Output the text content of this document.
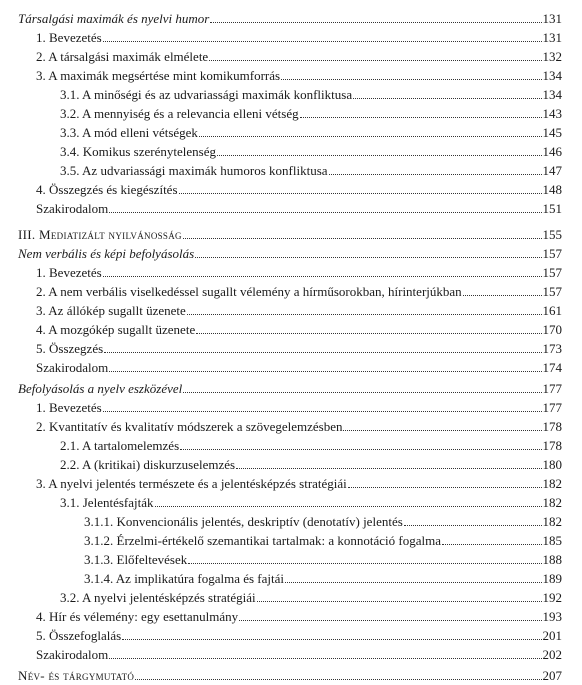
Társalgási maximák és nyelvi humor	131
1. Bevezetés	131
2. A társalgási maximák elmélete	132
3. A maximák megsértése mint komikumforrás	134
3.1. A minőségi és az udvariassági maximák konfliktusa	134
3.2. A mennyiség és a relevancia elleni vétség	143
3.3. A mód elleni vétségek	145
3.4. Komikus szerénytelenség	146
3.5. Az udvariassági maximák humoros konfliktusa	147
4. Összegzés és kiegészítés	148
Szakirodalom	151
III. Mediatizált nyilvánosság	155
Nem verbális és képi befolyásolás	157
1. Bevezetés	157
2. A nem verbális viselkedéssel sugallt vélemény a hírműsorokban, hírinterjúkban	157
3. Az állókép sugallt üzenete	161
4. A mozgókép sugallt üzenete	170
5. Összegzés	173
Szakirodalom	174
Befolyásolás a nyelv eszközével	177
1. Bevezetés	177
2. Kvantitatív és kvalitatív módszerek a szövegelemzésben	178
2.1. A tartalomelemzés	178
2.2. A (kritikai) diskurzuselemzés	180
3. A nyelvi jelentés természete és a jelentésképzés stratégiái	182
3.1. Jelentésfajták	182
3.1.1. Konvencionális jelentés, deskriptív (denotatív) jelentés	182
3.1.2. Érzelmi-értékelő szemantikai tartalmak: a konnotáció fogalma	185
3.1.3. Előfeltevések	188
3.1.4. Az implikatúra fogalma és fajtái	189
3.2. A nyelvi jelentésképzés stratégiái	192
4. Hír és vélemény: egy esettanulmány	193
5. Összefoglalás	201
Szakirodalom	202
Név- és tárgymutató	207
